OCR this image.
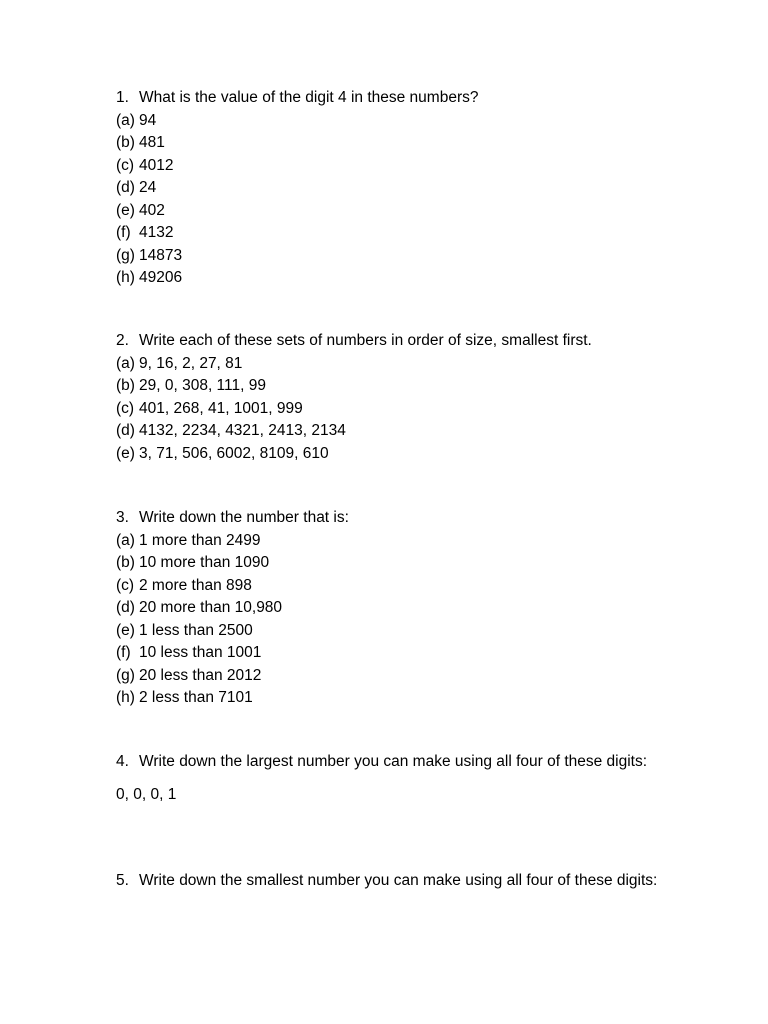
1. What is the value of the digit 4 in these numbers?
(a) 94
(b) 481
(c) 4012
(d) 24
(e) 402
(f) 4132
(g) 14873
(h) 49206
2. Write each of these sets of numbers in order of size, smallest first.
(a) 9, 16, 2, 27, 81
(b) 29, 0, 308, 111, 99
(c) 401, 268, 41, 1001, 999
(d) 4132, 2234, 4321, 2413, 2134
(e) 3, 71, 506, 6002, 8109, 610
3. Write down the number that is:
(a) 1 more than 2499
(b) 10 more than 1090
(c) 2 more than 898
(d) 20 more than 10,980
(e) 1 less than 2500
(f) 10 less than 1001
(g) 20 less than 2012
(h) 2 less than 7101
4. Write down the largest number you can make using all four of these digits:
0, 0, 0, 1
5. Write down the smallest number you can make using all four of these digits:
